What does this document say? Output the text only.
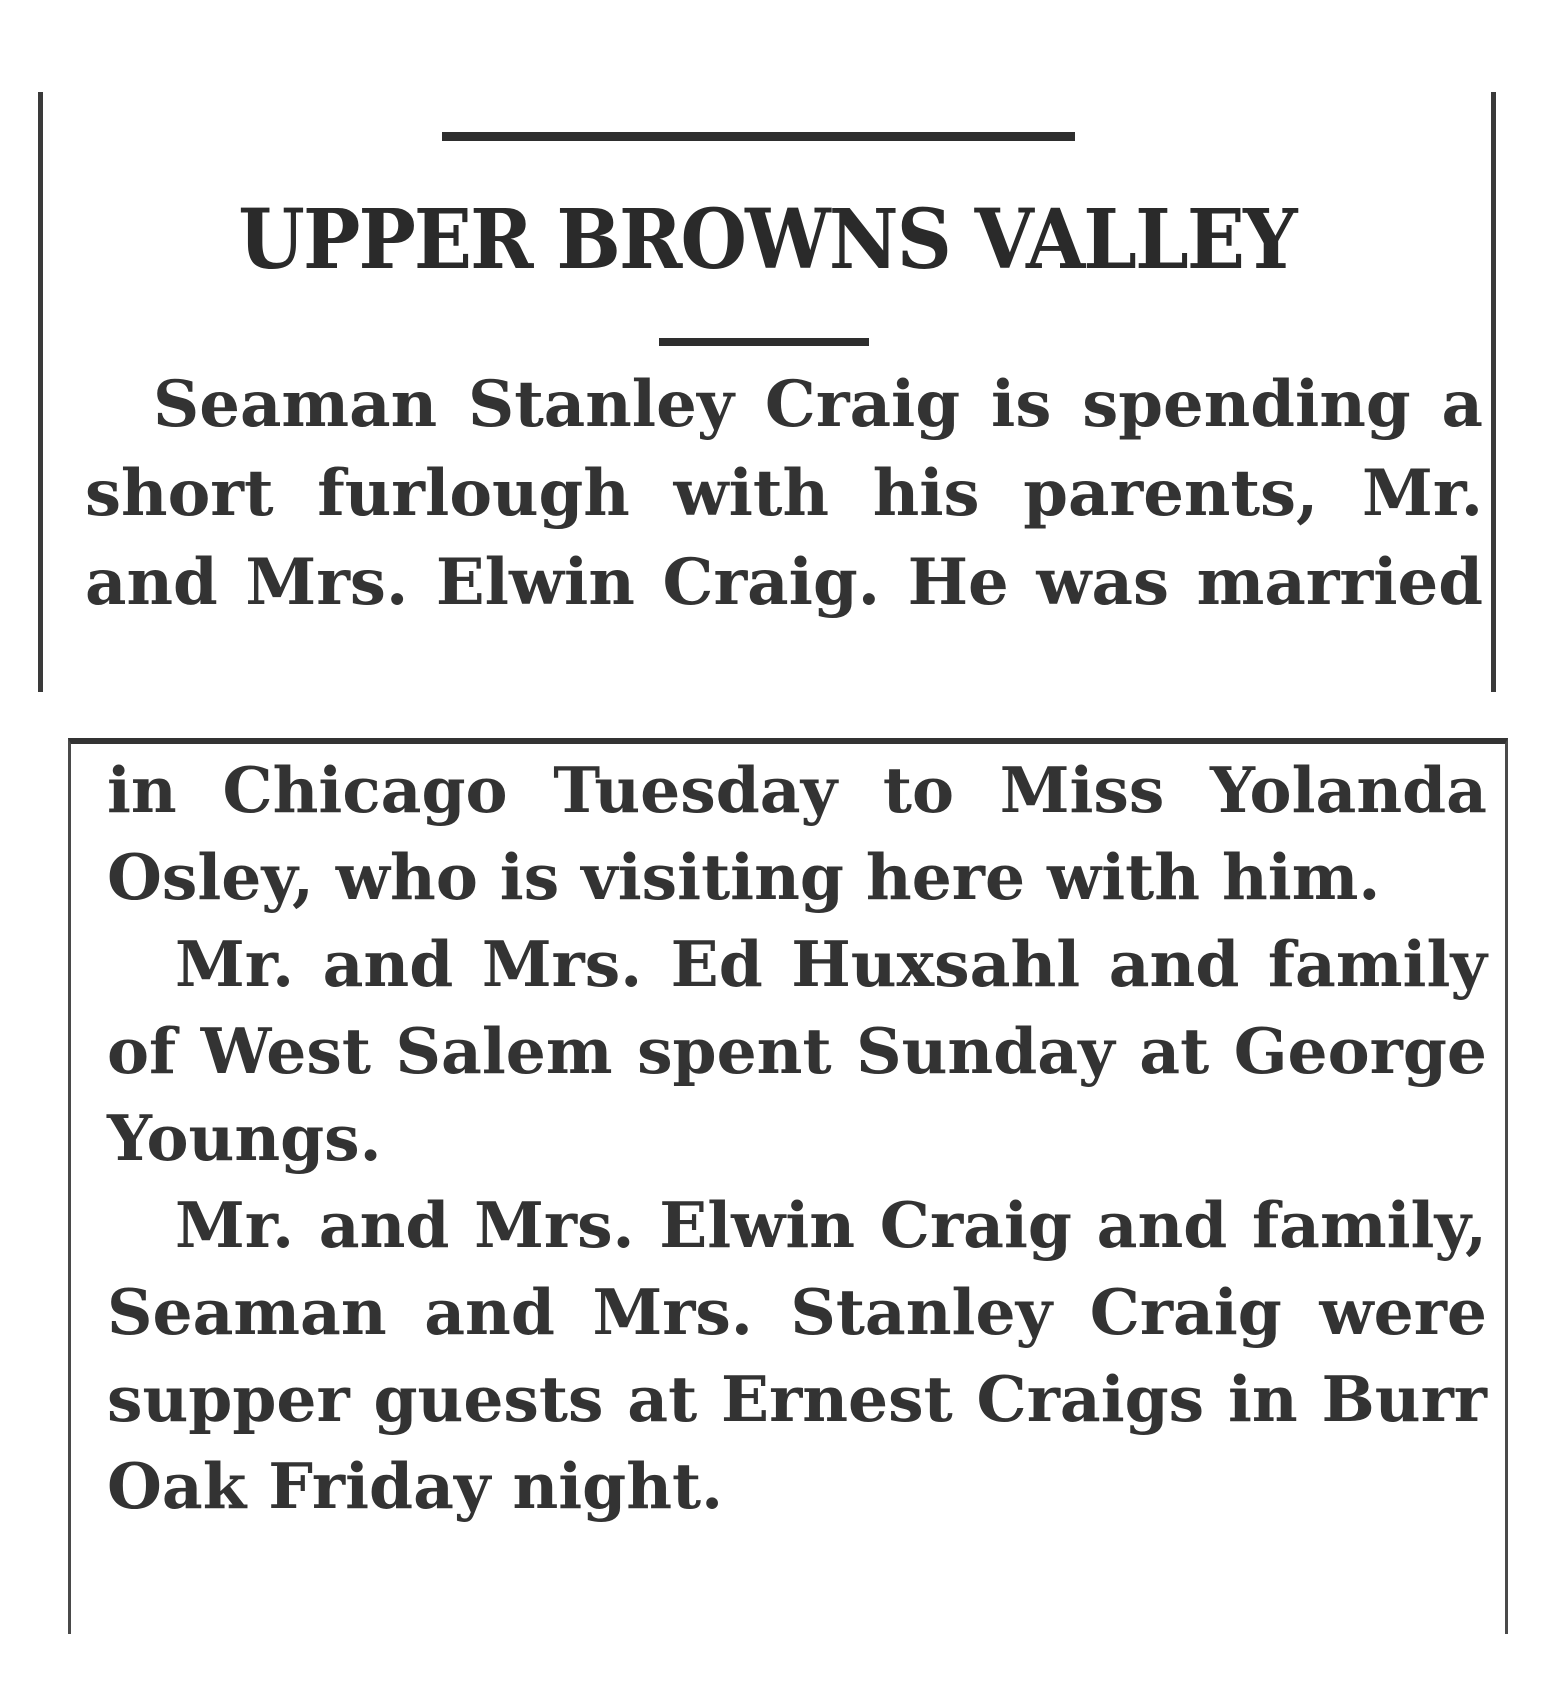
UPPER BROWNS VALLEY
Seaman Stanley Craig is spending a
short furlough with his parents, Mr.
and Mrs. Elwin Craig. He was married
in Chicago Tuesday to Miss Yolanda
Osley, who is visiting here with him.
Mr. and Mrs. Ed Huxsahl and family
of West Salem spent Sunday at George
Youngs.
Mr. and Mrs. Elwin Craig and family,
Seaman and Mrs. Stanley Craig were
supper guests at Ernest Craigs in Burr
Oak Friday night.
